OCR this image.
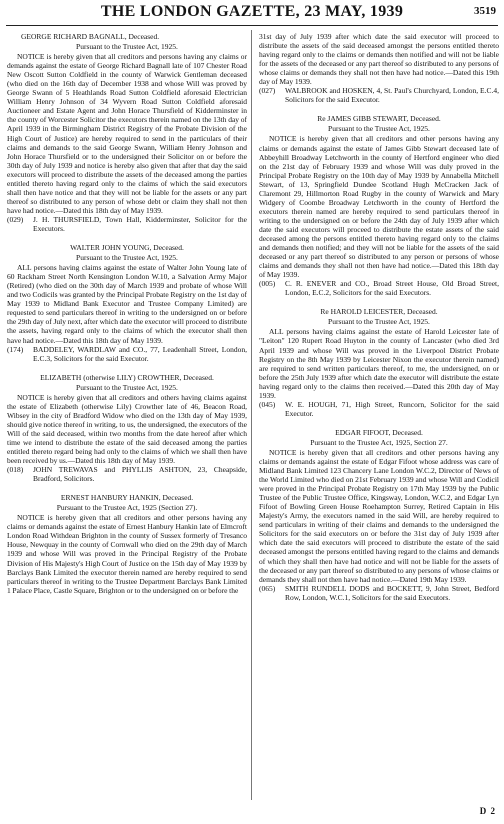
THE LONDON GAZETTE, 23 MAY, 1939	3519

GEORGE RICHARD BAGNALL, Deceased.

Pursuant to the Trustee Act, 1925.

NOTICE is hereby given that all creditors and persons having any claims or demands against the estate of George Richard Bagnall late of 107 Chester Road New Oscott Sutton Coldfield in the county of Warwick Gentleman deceased (who died on the 16th day of December 1938 and whose Will was proved by George Swann of 5 Heathlands Road Sutton Coldfield aforesaid Electrician William Henry Johnson of 34 Wyvern Road Sutton Coldfield aforesaid Auctioneer and Estate Agent and John Horace Thursfield of Kidderminster in the county of Worcester Solicitor the executors therein named on the 13th day of April 1939 in the Birmingham District Registry of the Probate Division of the High Court of Justice) are hereby required to send in the particulars of their claims and demands to the said George Swann, William Henry Johnson and John Horace Thursfield or to the undersigned their Solicitor on or before the 30th day of July 1939 and notice is hereby also given that after that day the said executors will proceed to distribute the assets of the deceased among the parties entitled thereto having regard only to the claims of which the said executors shall then have notice and that they will not be liable for the assets or any part thereof so distributed to any person of whose debt or claim they shall not then have had notice.—Dated this 18th day of May 1939.

(029) J. H. THURSFIELD, Town Hall, Kidderminster, Solicitor for the Executors.

WALTER JOHN YOUNG, Deceased.

Pursuant to the Trustee Act, 1925.

ALL persons having claims against the estate of Walter John Young late of 60 Rackham Street North Kensington London W.10, a Salvation Army Major (Retired) (who died on the 30th day of March 1939 and probate of whose Will and two Codicils was granted by the Principal Probate Registry on the 1st day of May 1939 to Midland Bank Executor and Trustee Company Limited) are requested to send particulars thereof in writing to the undersigned on or before the 29th day of July next, after which date the executor will proceed to distribute the assets, having regard only to the claims of which the executor shall then have had notice.—Dated this 18th day of May 1939.

(174) BADDELEY, WARDLAW and CO., 77, Leadenhall Street, London, E.C.3, Solicitors for the said Executor.

ELIZABETH (otherwise LILY) CROWTHER, Deceased.

Pursuant to the Trustee Act, 1925.

NOTICE is hereby given that all creditors and others having claims against the estate of Elizabeth (otherwise Lily) Crowther late of 46, Beacon Road, Wibsey in the city of Bradford Widow who died on the 13th day of May 1939, should give notice thereof in writing, to us, the undersigned, the executors of the Will of the said deceased, within two months from the date hereof after which time we intend to distribute the estate of the said deceased among the parties entitled thereto regard being had only to the claims of which we shall then have been received by us.—Dated this 18th day of May 1939.

(018) JOHN TREWAVAS and PHYLLIS ASHTON, 23, Cheapside, Bradford, Solicitors.

ERNEST HANBURY HANKIN, Deceased.

Pursuant to the Trustee Act, 1925 (Section 27).

NOTICE is hereby given that all creditors and other persons having any claims or demands against the estate of Ernest Hanbury Hankin late of Elmcroft London Road Withdean Brighton in the county of Sussex formerly of Tresanco House, Newquay in the county of Cornwall who died on the 29th day of March 1939 and whose Will was proved in the Principal Registry of the Probate Division of His Majesty's High Court of Justice on the 15th day of May 1939 by Barclays Bank Limited the executor therein named are hereby required to send particulars thereof in writing to the Trustee Department Barclays Bank Limited 1 Palace Place, Castle Square, Brighton or to the undersigned on or before the

31st day of July 1939 after which date the said executor will proceed to distribute the assets of the said deceased amongst the persons entitled thereto having regard only to the claims or demands then notified and will not be liable for the assets of the deceased or any part thereof so distributed to any persons of whose claims or demands they shall not then have had notice.—Dated this 19th day of May 1939.

(027) WALBROOK and HOSKEN, 4, St. Paul's Churchyard, London, E.C.4, Solicitors for the said Executor.

Re JAMES GIBB STEWART, Deceased.

Pursuant to the Trustee Act, 1925.

NOTICE is hereby given that all creditors and other persons having any claims or demands against the estate of James Gibb Stewart deceased late of Abbeyhill Broadway Letchworth in the county of Hertford engineer who died on the 21st day of February 1939 and whose Will was duly proved in the Principal Probate Registry on the 10th day of May 1939 by Annabella Mitchell Stewart, of 13, Springfield Dundee Scotland Hugh McCracken Jack of Claremont 29, Hillmorton Road Rugby in the county of Warwick and Mary Widgery of Coombe Broadway Letchworth in the county of Hertford the executors therein named are hereby required to send particulars thereof in writing to the undersigned on or before the 24th day of July 1939 after which date the said executors will proceed to distribute the estate assets of the said deceased among the persons entitled thereto having regard only to the claims and demands then notified; and they will not be liable for the assets of the said deceased or any part thereof so distributed to any person or persons of whose claims and demands they shall not then have had notice.—Dated this 18th day of May 1939.

(005) C. R. ENEVER and CO., Broad Street House, Old Broad Street, London, E.C.2, Solicitors for the said Executors.

Re HAROLD LEICESTER, Deceased.

Pursuant to the Trustee Act, 1925.

ALL persons having claims against the estate of Harold Leicester late of "Leiton" 120 Rupert Road Huyton in the county of Lancaster (who died 3rd April 1939 and whose Will was proved in the Liverpool District Probate Registry on the 8th May 1939 by Leicester Nixon the executor therein named) are required to send written particulars thereof, to me, the undersigned, on or before the 25th July 1939 after which date the executor will distribute the estate having regard only to the claims then received.—Dated this 20th day of May 1939.

(045) W. E. HOUGH, 71, High Street, Runcorn, Solicitor for the said Executor.

EDGAR FIFOOT, Deceased.

Pursuant to the Trustee Act, 1925, Section 27.

NOTICE is hereby given that all creditors and other persons having any claims or demands against the estate of Edgar Fifoot whose address was care of Midland Bank Limited 123 Chancery Lane London W.C.2, Director of News of the World Limited who died on 21st February 1939 and whose Will and Codicil were proved in the Principal Probate Registry on 17th May 1939 by the Public Trustee of the Public Trustee Office, Kingsway, London, W.C.2, and Edgar Lyn Fifoot of Bowling Green House Roehampton Surrey, Retired Captain in His Majesty's Army, the executors named in the said Will, are hereby required to send particulars in writing of their claims and demands to the undersigned the Solicitors for the said executors on or before the 31st day of July 1939 after which date the said executors will proceed to distribute the estate of the said deceased amongst the persons entitled having regard to the claims and demands of which they shall then have had notice and will not be liable for the assets of the deceased or any part thereof so distributed to any persons of whose claims or demands they shall not then have had notice.—Dated 19th May 1939.

(065) SMITH RUNDELL DODS and BOCKETT, 9, John Street, Bedford Row, London, W.C.1, Solicitors for the said Executors.

D 2
